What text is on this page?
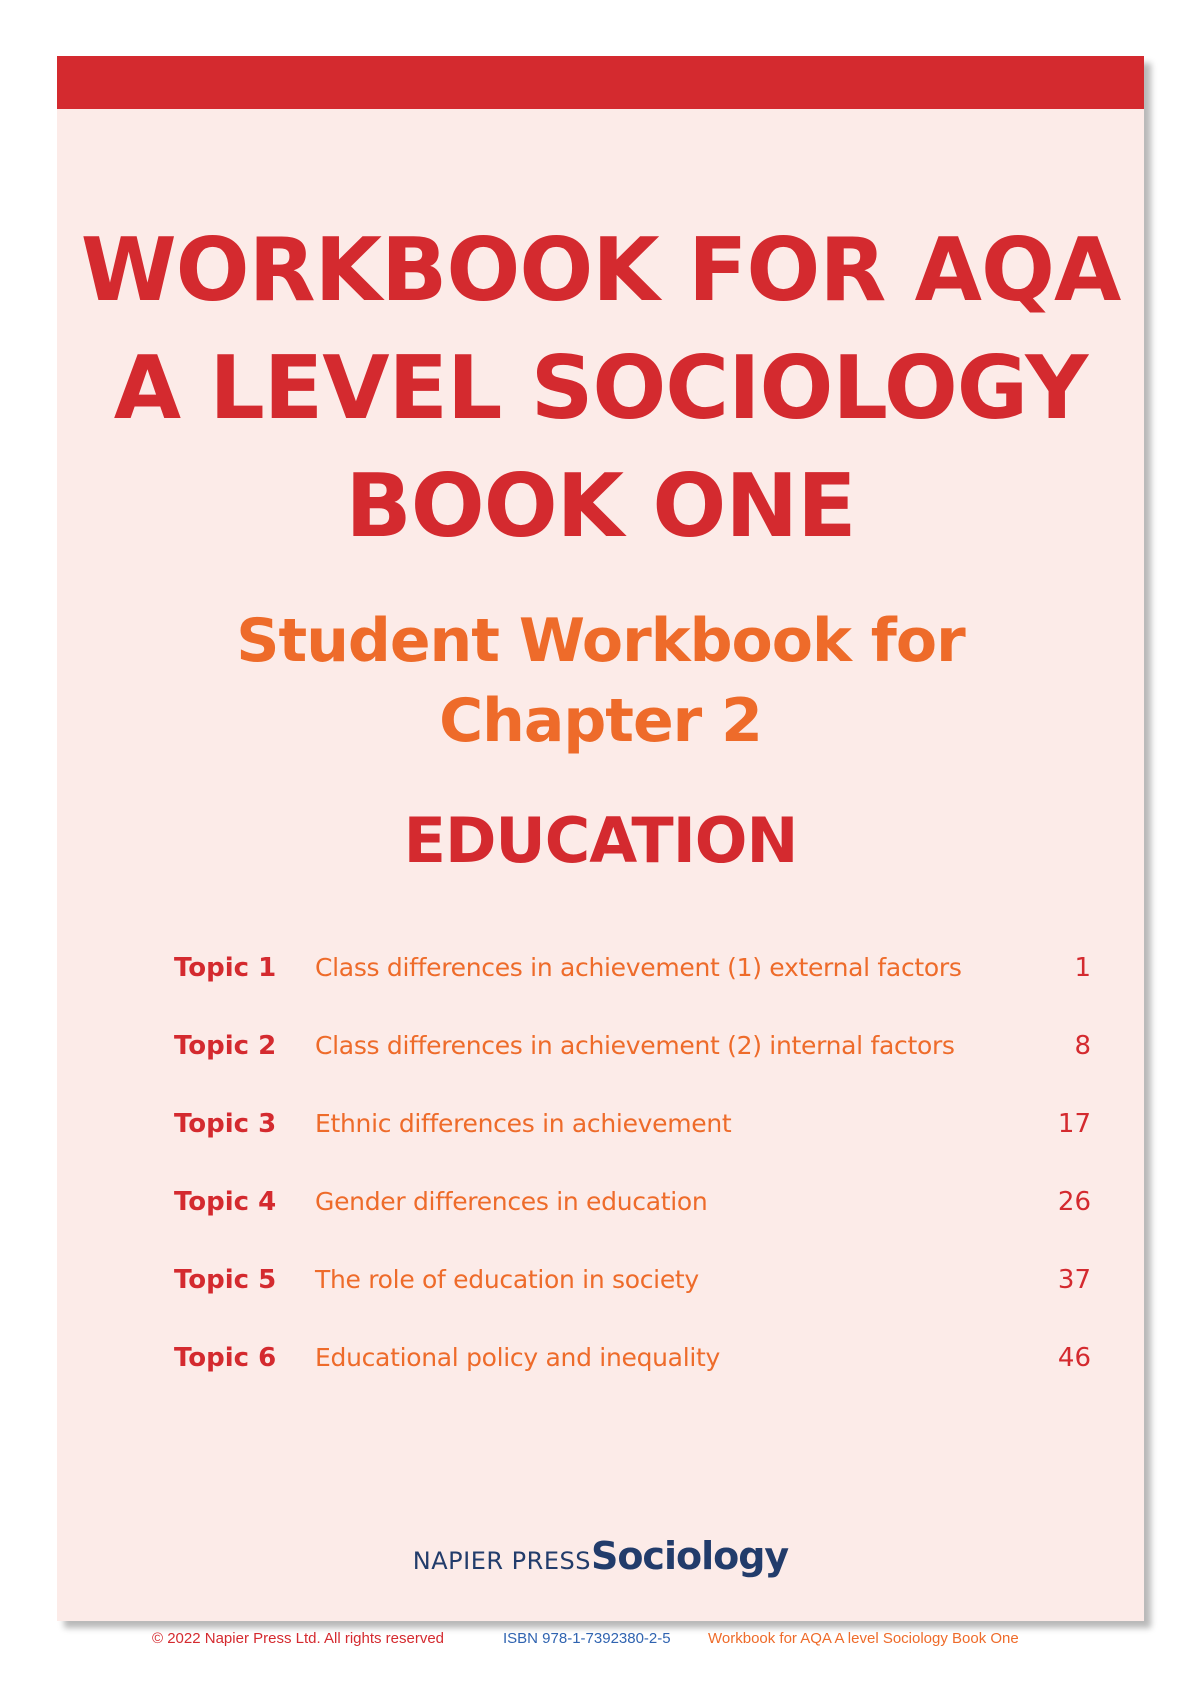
WORKBOOK FOR AQA
A LEVEL SOCIOLOGY
BOOK ONE
Student Workbook for
Chapter 2
EDUCATION
Topic 1 Class differences in achievement (1) external factors	1
Topic 2 Class differences in achievement (2) internal factors	8
Topic 3 Ethnic differences in achievement	17
Topic 4 Gender differences in education	26
Topic 5 The role of education in society	37
Topic 6 Educational policy and inequality	46
NAPIER PRESSSociology
© 2022 Napier Press Ltd. All rights reserved	ISBN 978-1-7392380-2-5 Workbook for AQA A level Sociology Book One
